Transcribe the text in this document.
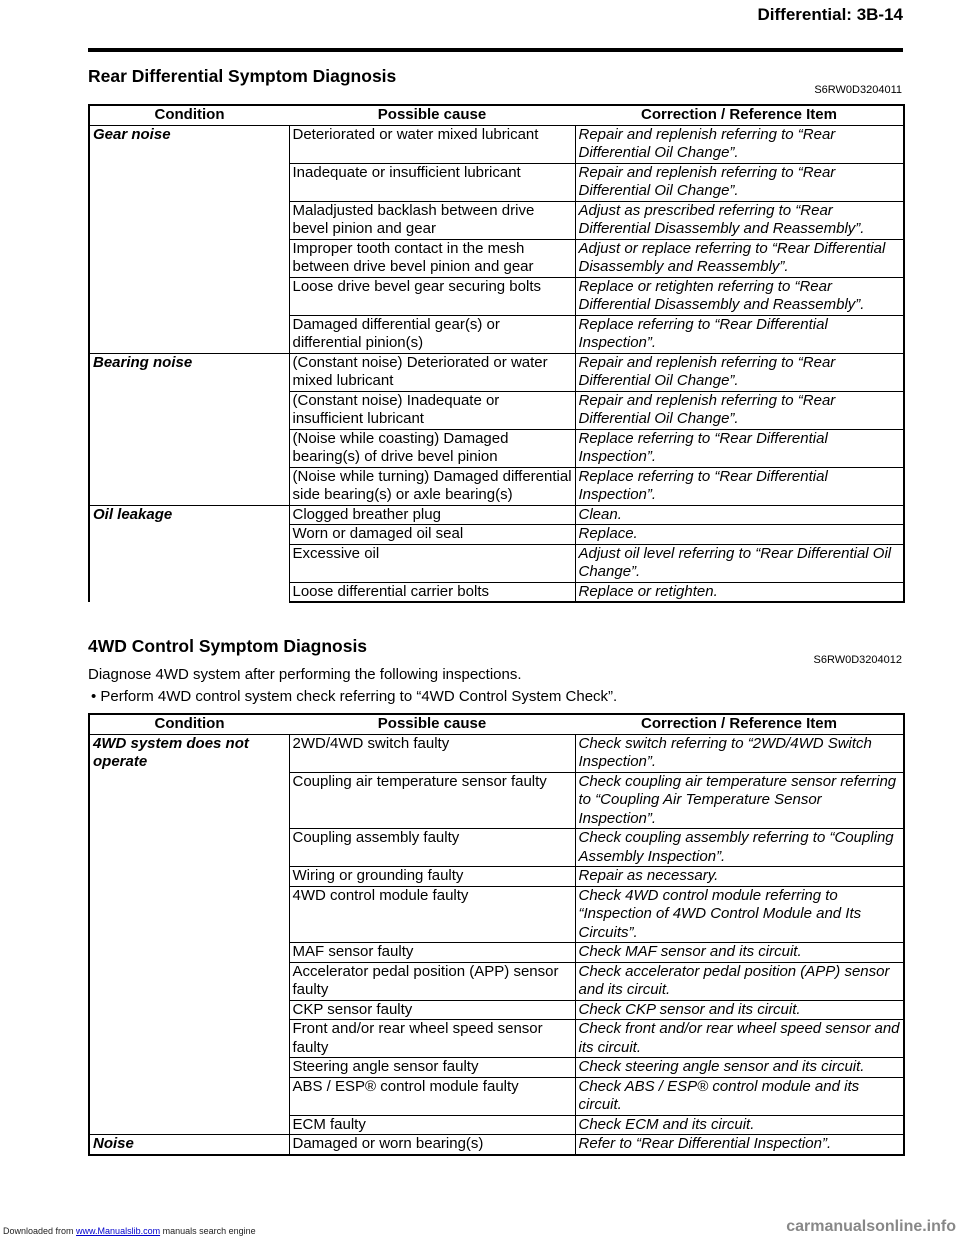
Differential: 3B-14
Rear Differential Symptom Diagnosis
S6RW0D3204011
Condition	Possible cause	Correction / Reference Item
Gear noise	Deteriorated or water mixed lubricant	Repair and replenish referring to “Rear Differential Oil Change”.
	Inadequate or insufficient lubricant	Repair and replenish referring to “Rear Differential Oil Change”.
	Maladjusted backlash between drive bevel pinion and gear	Adjust as prescribed referring to “Rear Differential Disassembly and Reassembly”.
	Improper tooth contact in the mesh between drive bevel pinion and gear	Adjust or replace referring to “Rear Differential Disassembly and Reassembly”.
	Loose drive bevel gear securing bolts	Replace or retighten referring to “Rear Differential Disassembly and Reassembly”.
	Damaged differential gear(s) or differential pinion(s)	Replace referring to “Rear Differential Inspection”.
Bearing noise	(Constant noise) Deteriorated or water mixed lubricant	Repair and replenish referring to “Rear Differential Oil Change”.
	(Constant noise) Inadequate or insufficient lubricant	Repair and replenish referring to “Rear Differential Oil Change”.
	(Noise while coasting) Damaged bearing(s) of drive bevel pinion	Replace referring to “Rear Differential Inspection”.
	(Noise while turning) Damaged differential side bearing(s) or axle bearing(s)	Replace referring to “Rear Differential Inspection”.
Oil leakage	Clogged breather plug	Clean.
	Worn or damaged oil seal	Replace.
	Excessive oil	Adjust oil level referring to “Rear Differential Oil Change”.
	Loose differential carrier bolts	Replace or retighten.
4WD Control Symptom Diagnosis
S6RW0D3204012
Diagnose 4WD system after performing the following inspections.
• Perform 4WD control system check referring to “4WD Control System Check”.
Condition	Possible cause	Correction / Reference Item
4WD system does not operate	2WD/4WD switch faulty	Check switch referring to “2WD/4WD Switch Inspection”.
	Coupling air temperature sensor faulty	Check coupling air temperature sensor referring to “Coupling Air Temperature Sensor Inspection”.
	Coupling assembly faulty	Check coupling assembly referring to “Coupling Assembly Inspection”.
	Wiring or grounding faulty	Repair as necessary.
	4WD control module faulty	Check 4WD control module referring to “Inspection of 4WD Control Module and Its Circuits”.
	MAF sensor faulty	Check MAF sensor and its circuit.
	Accelerator pedal position (APP) sensor faulty	Check accelerator pedal position (APP) sensor and its circuit.
	CKP sensor faulty	Check CKP sensor and its circuit.
	Front and/or rear wheel speed sensor faulty	Check front and/or rear wheel speed sensor and its circuit.
	Steering angle sensor faulty	Check steering angle sensor and its circuit.
	ABS / ESP® control module faulty	Check ABS / ESP® control module and its circuit.
	ECM faulty	Check ECM and its circuit.
Noise	Damaged or worn bearing(s)	Refer to “Rear Differential Inspection”.
Downloaded from www.Manualslib.com manuals search engine	carmanualsonline.info
